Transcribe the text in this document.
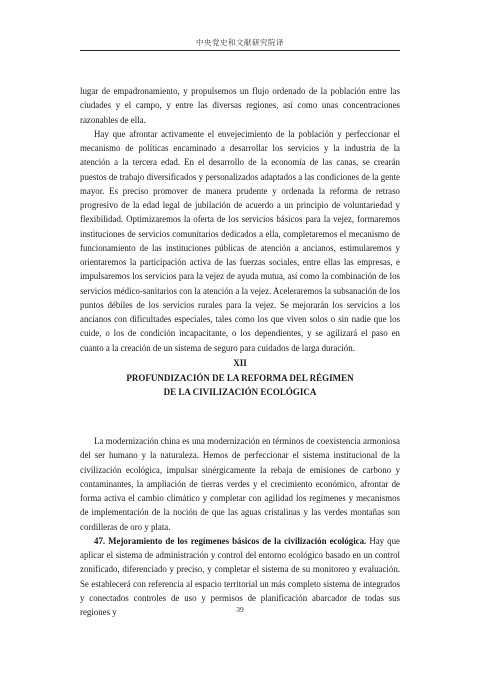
中央党史和文献研究院译

lugar de empadronamiento, y propulsemos un flujo ordenado de la población entre las ciudades y el campo, y entre las diversas regiones, así como unas concentraciones razonables de ella.

Hay que afrontar activamente el envejecimiento de la población y perfeccionar el mecanismo de políticas encaminado a desarrollar los servicios y la industria de la atención a la tercera edad. En el desarrollo de la economía de las canas, se crearán puestos de trabajo diversificados y personalizados adaptados a las condiciones de la gente mayor. Es preciso promover de manera prudente y ordenada la reforma de retraso progresivo de la edad legal de jubilación de acuerdo a un principio de voluntariedad y flexibilidad. Optimizaremos la oferta de los servicios básicos para la vejez, formaremos instituciones de servicios comunitarios dedicados a ella, completaremos el mecanismo de funcionamiento de las instituciones públicas de atención a ancianos, estimularemos y orientaremos la participación activa de las fuerzas sociales, entre ellas las empresas, e impulsaremos los servicios para la vejez de ayuda mutua, así como la combinación de los servicios médico-sanitarios con la atención a la vejez. Aceleraremos la subsanación de los puntos débiles de los servicios rurales para la vejez. Se mejorarán los servicios a los ancianos con dificultades especiales, tales como los que viven solos o sin nadie que los cuide, o los de condición incapacitante, o los dependientes, y se agilizará el paso en cuanto a la creación de un sistema de seguro para cuidados de larga duración.

XII
PROFUNDIZACIÓN DE LA REFORMA DEL RÉGIMEN
DE LA CIVILIZACIÓN ECOLÓGICA

La modernización china es una modernización en términos de coexistencia armoniosa del ser humano y la naturaleza. Hemos de perfeccionar el sistema institucional de la civilización ecológica, impulsar sinérgicamente la rebaja de emisiones de carbono y contaminantes, la ampliación de tierras verdes y el crecimiento económico, afrontar de forma activa el cambio climático y completar con agilidad los regímenes y mecanismos de implementación de la noción de que las aguas cristalinas y las verdes montañas son cordilleras de oro y plata.

47. Mejoramiento de los regímenes básicos de la civilización ecológica. Hay que aplicar el sistema de administración y control del entorno ecológico basado en un control zonificado, diferenciado y preciso, y completar el sistema de su monitoreo y evaluación. Se establecerá con referencia al espacio territorial un más completo sistema de integrados y conectados controles de uso y permisos de planificación abarcador de todas sus regiones y	39
